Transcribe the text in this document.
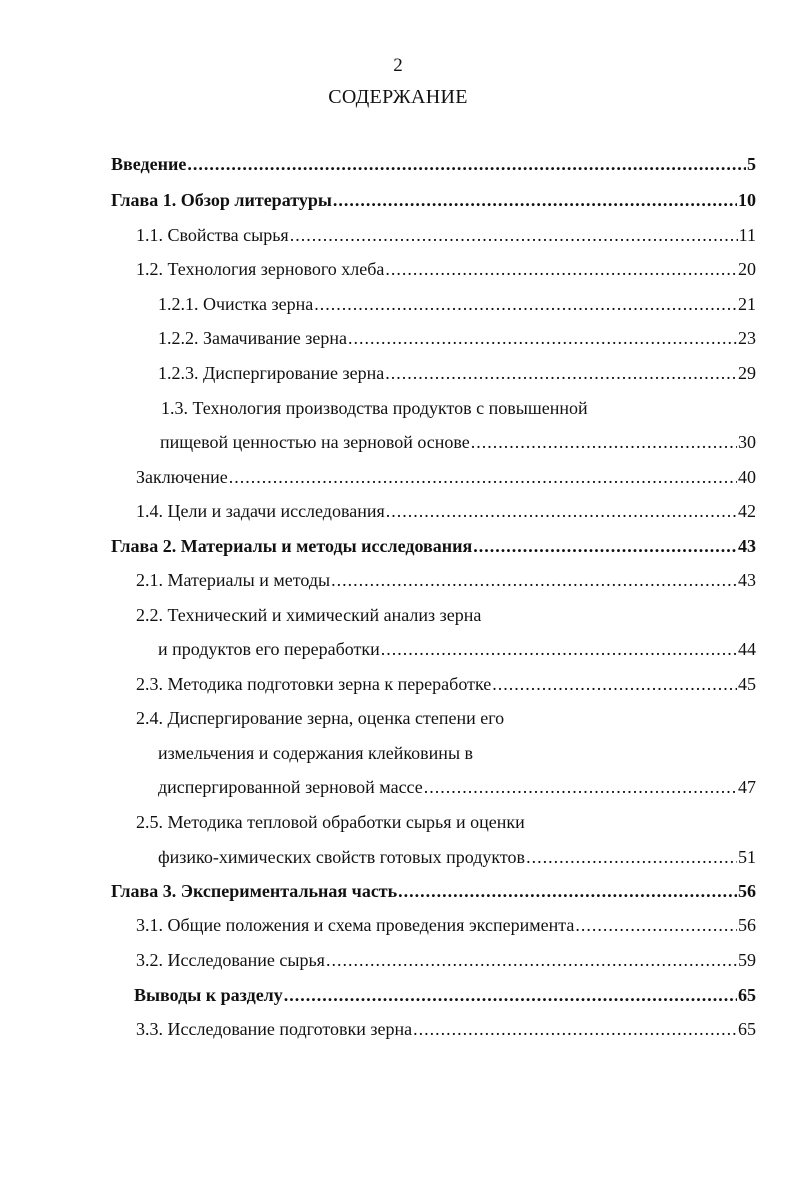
2
СОДЕРЖАНИЕ
Введение .....	5
Глава 1. Обзор литературы .....	10
1.1. Свойства сырья .....	11
1.2. Технология зернового хлеба .....	20
1.2.1. Очистка зерна .....	21
1.2.2. Замачивание зерна .....	23
1.2.3. Диспергирование зерна .....	29
1.3. Технология производства продуктов с повышенной
пищевой ценностью на зерновой основе .....	30
Заключение .....	40
1.4. Цели и задачи исследования .....	42
Глава 2. Материалы и методы исследования .....	43
2.1. Материалы и методы .....	43
2.2. Технический и химический анализ зерна
и продуктов его переработки .....	44
2.3. Методика подготовки зерна к переработке .....	45
2.4. Диспергирование зерна, оценка степени его
измельчения и содержания клейковины в
диспергированной зерновой массе .....	47
2.5. Методика тепловой обработки сырья и оценки
физико-химических свойств готовых продуктов .....	51
Глава 3. Экспериментальная часть .....	56
3.1. Общие положения и схема проведения эксперимента .....	56
3.2. Исследование сырья .....	59
Выводы к разделу .....	65
3.3. Исследование подготовки зерна .....	65
